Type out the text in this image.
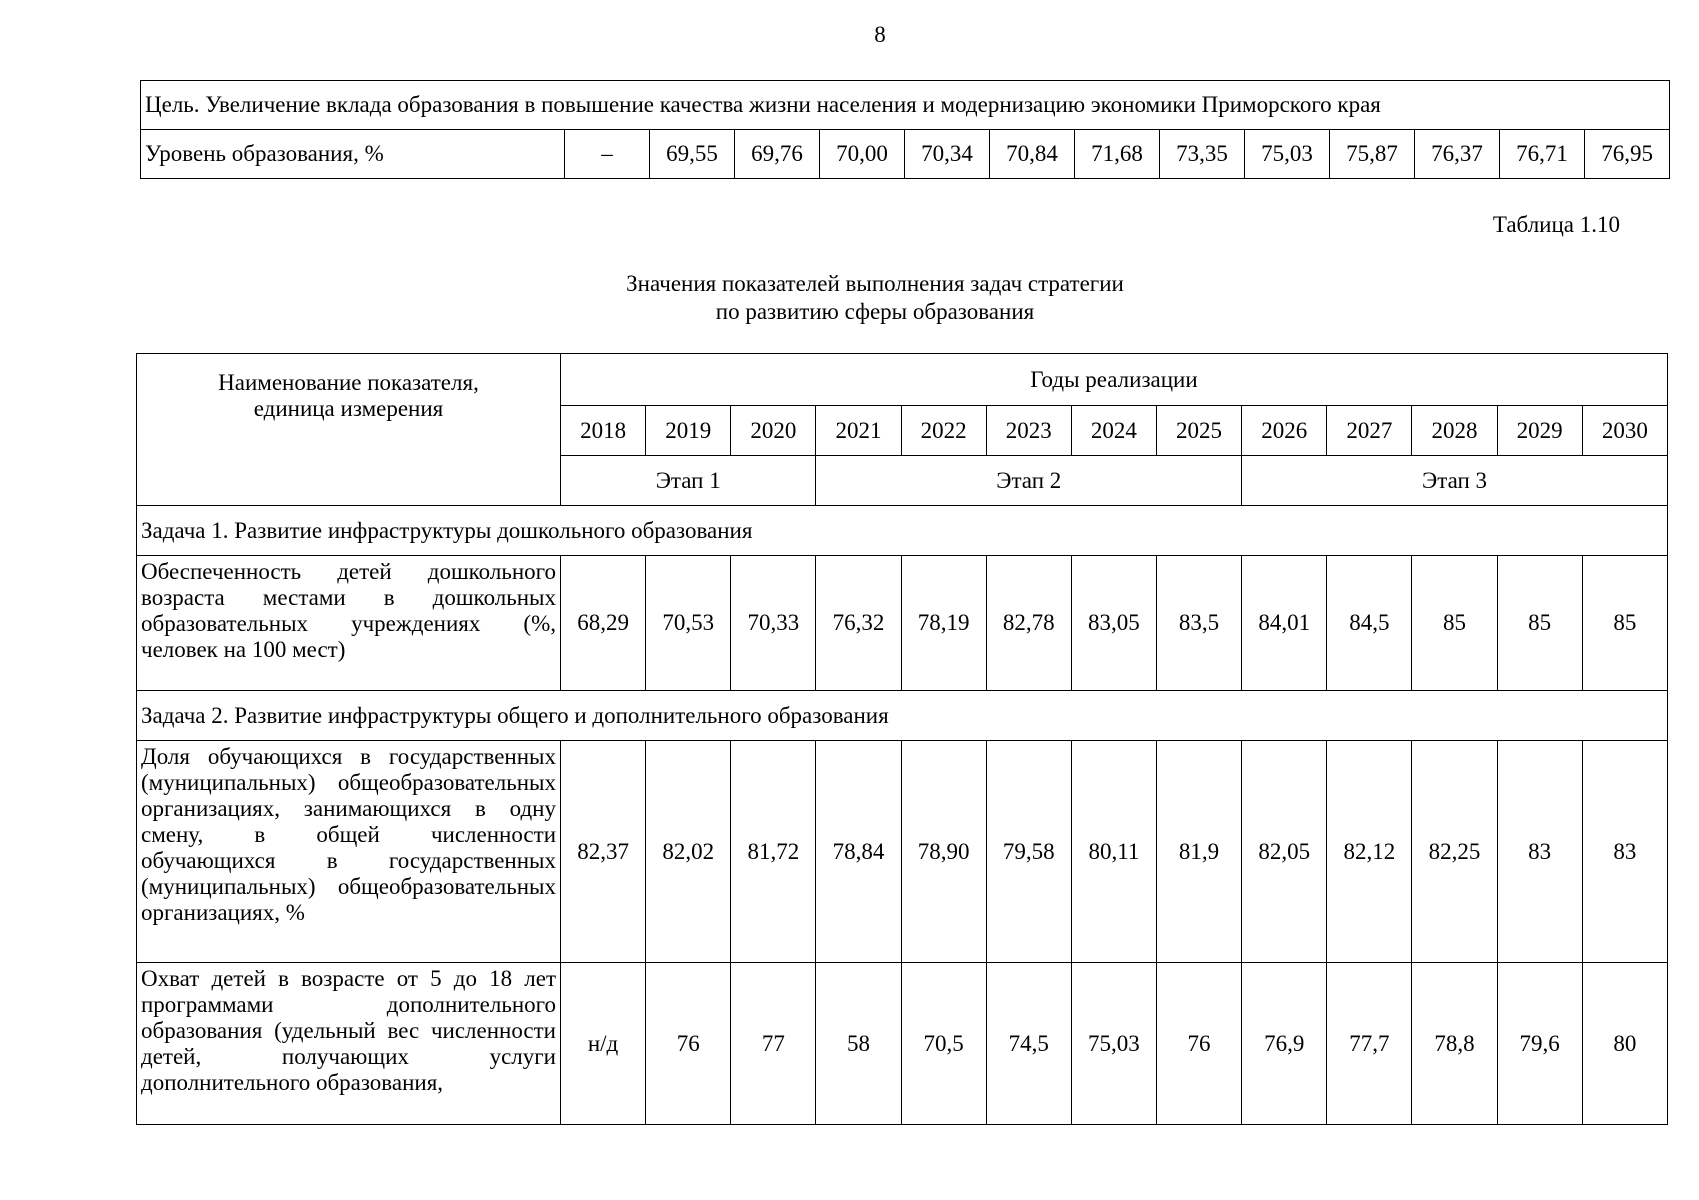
8
Цель. Увеличение вклада образования в повышение качества жизни населения и модернизацию экономики Приморского края
Уровень образования, %	–	69,55	69,76	70,00	70,34	70,84	71,68	73,35	75,03	75,87	76,37	76,71	76,95
Таблица 1.10
Значения показателей выполнения задач стратегии
по развитию сферы образования
Наименование показателя,
единица измерения	Годы реализации												
	2018	2019	2020	2021	2022	2023	2024	2025	2026	2027	2028	2029	2030
	Этап 1			Этап 2					Этап 3				
Задача 1. Развитие инфраструктуры дошкольного образования													
Обеспеченность детей дошкольного возраста местами в дошкольных образовательных учреждениях (%, человек на 100 мест)	68,29	70,53	70,33	76,32	78,19	82,78	83,05	83,5	84,01	84,5	85	85	85
Задача 2. Развитие инфраструктуры общего и дополнительного образования													
Доля обучающихся в государственных (муниципальных) общеобразовательных организациях, занимающихся в одну смену, в общей численности обучающихся в государственных (муниципальных) общеобразовательных организациях, %	82,37	82,02	81,72	78,84	78,90	79,58	80,11	81,9	82,05	82,12	82,25	83	83
Охват детей в возрасте от 5 до 18 лет программами дополнительного образования (удельный вес численности детей, получающих услуги дополнительного образования,	н/д	76	77	58	70,5	74,5	75,03	76	76,9	77,7	78,8	79,6	80
